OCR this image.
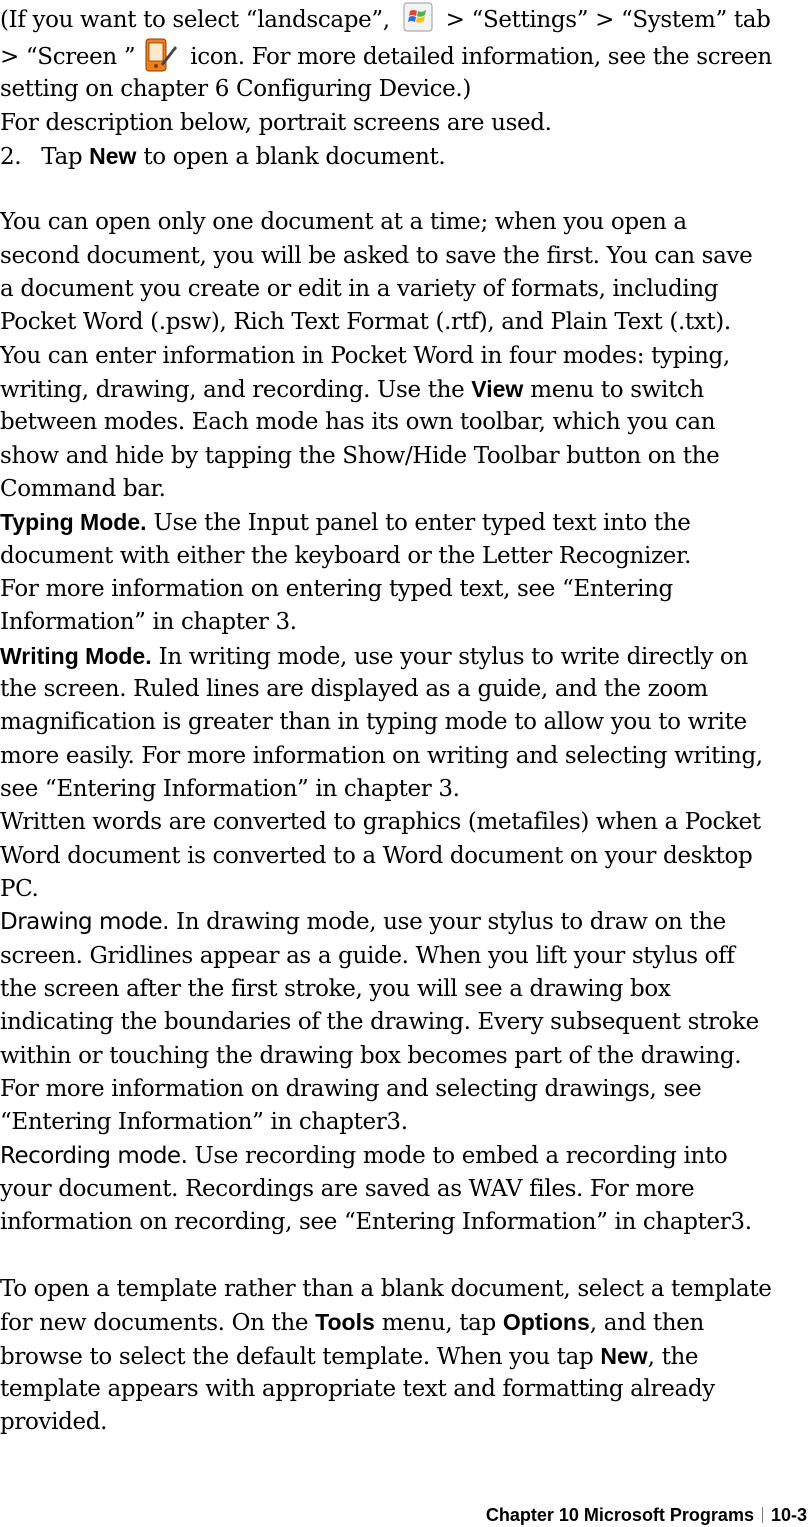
(If you want to select “landscape”,  > “Settings” > “System” tab
> “Screen ” icon. For more detailed information, see the screen
setting on chapter 6 Configuring Device.)
For description below, portrait screens are used.
2. Tap New to open a blank document.
You can open only one document at a time; when you open a
second document, you will be asked to save the first. You can save
a document you create or edit in a variety of formats, including
Pocket Word (.psw), Rich Text Format (.rtf), and Plain Text (.txt).
You can enter information in Pocket Word in four modes: typing,
writing, drawing, and recording. Use the View menu to switch
between modes. Each mode has its own toolbar, which you can
show and hide by tapping the Show/Hide Toolbar button on the
Command bar.
Typing Mode. Use the Input panel to enter typed text into the
document with either the keyboard or the Letter Recognizer.
For more information on entering typed text, see “Entering
Information” in chapter 3.
Writing Mode. In writing mode, use your stylus to write directly on
the screen. Ruled lines are displayed as a guide, and the zoom
magnification is greater than in typing mode to allow you to write
more easily. For more information on writing and selecting writing,
see “Entering Information” in chapter 3.
Written words are converted to graphics (metafiles) when a Pocket
Word document is converted to a Word document on your desktop
PC.
Drawing mode. In drawing mode, use your stylus to draw on the
screen. Gridlines appear as a guide. When you lift your stylus off
the screen after the first stroke, you will see a drawing box
indicating the boundaries of the drawing. Every subsequent stroke
within or touching the drawing box becomes part of the drawing.
For more information on drawing and selecting drawings, see
“Entering Information” in chapter3.
Recording mode. Use recording mode to embed a recording into
your document. Recordings are saved as WAV files. For more
information on recording, see “Entering Information” in chapter3.
To open a template rather than a blank document, select a template
for new documents. On the Tools menu, tap Options, and then
browse to select the default template. When you tap New, the
template appears with appropriate text and formatting already
provided.
Chapter 10 Microsoft Programs 10-3
